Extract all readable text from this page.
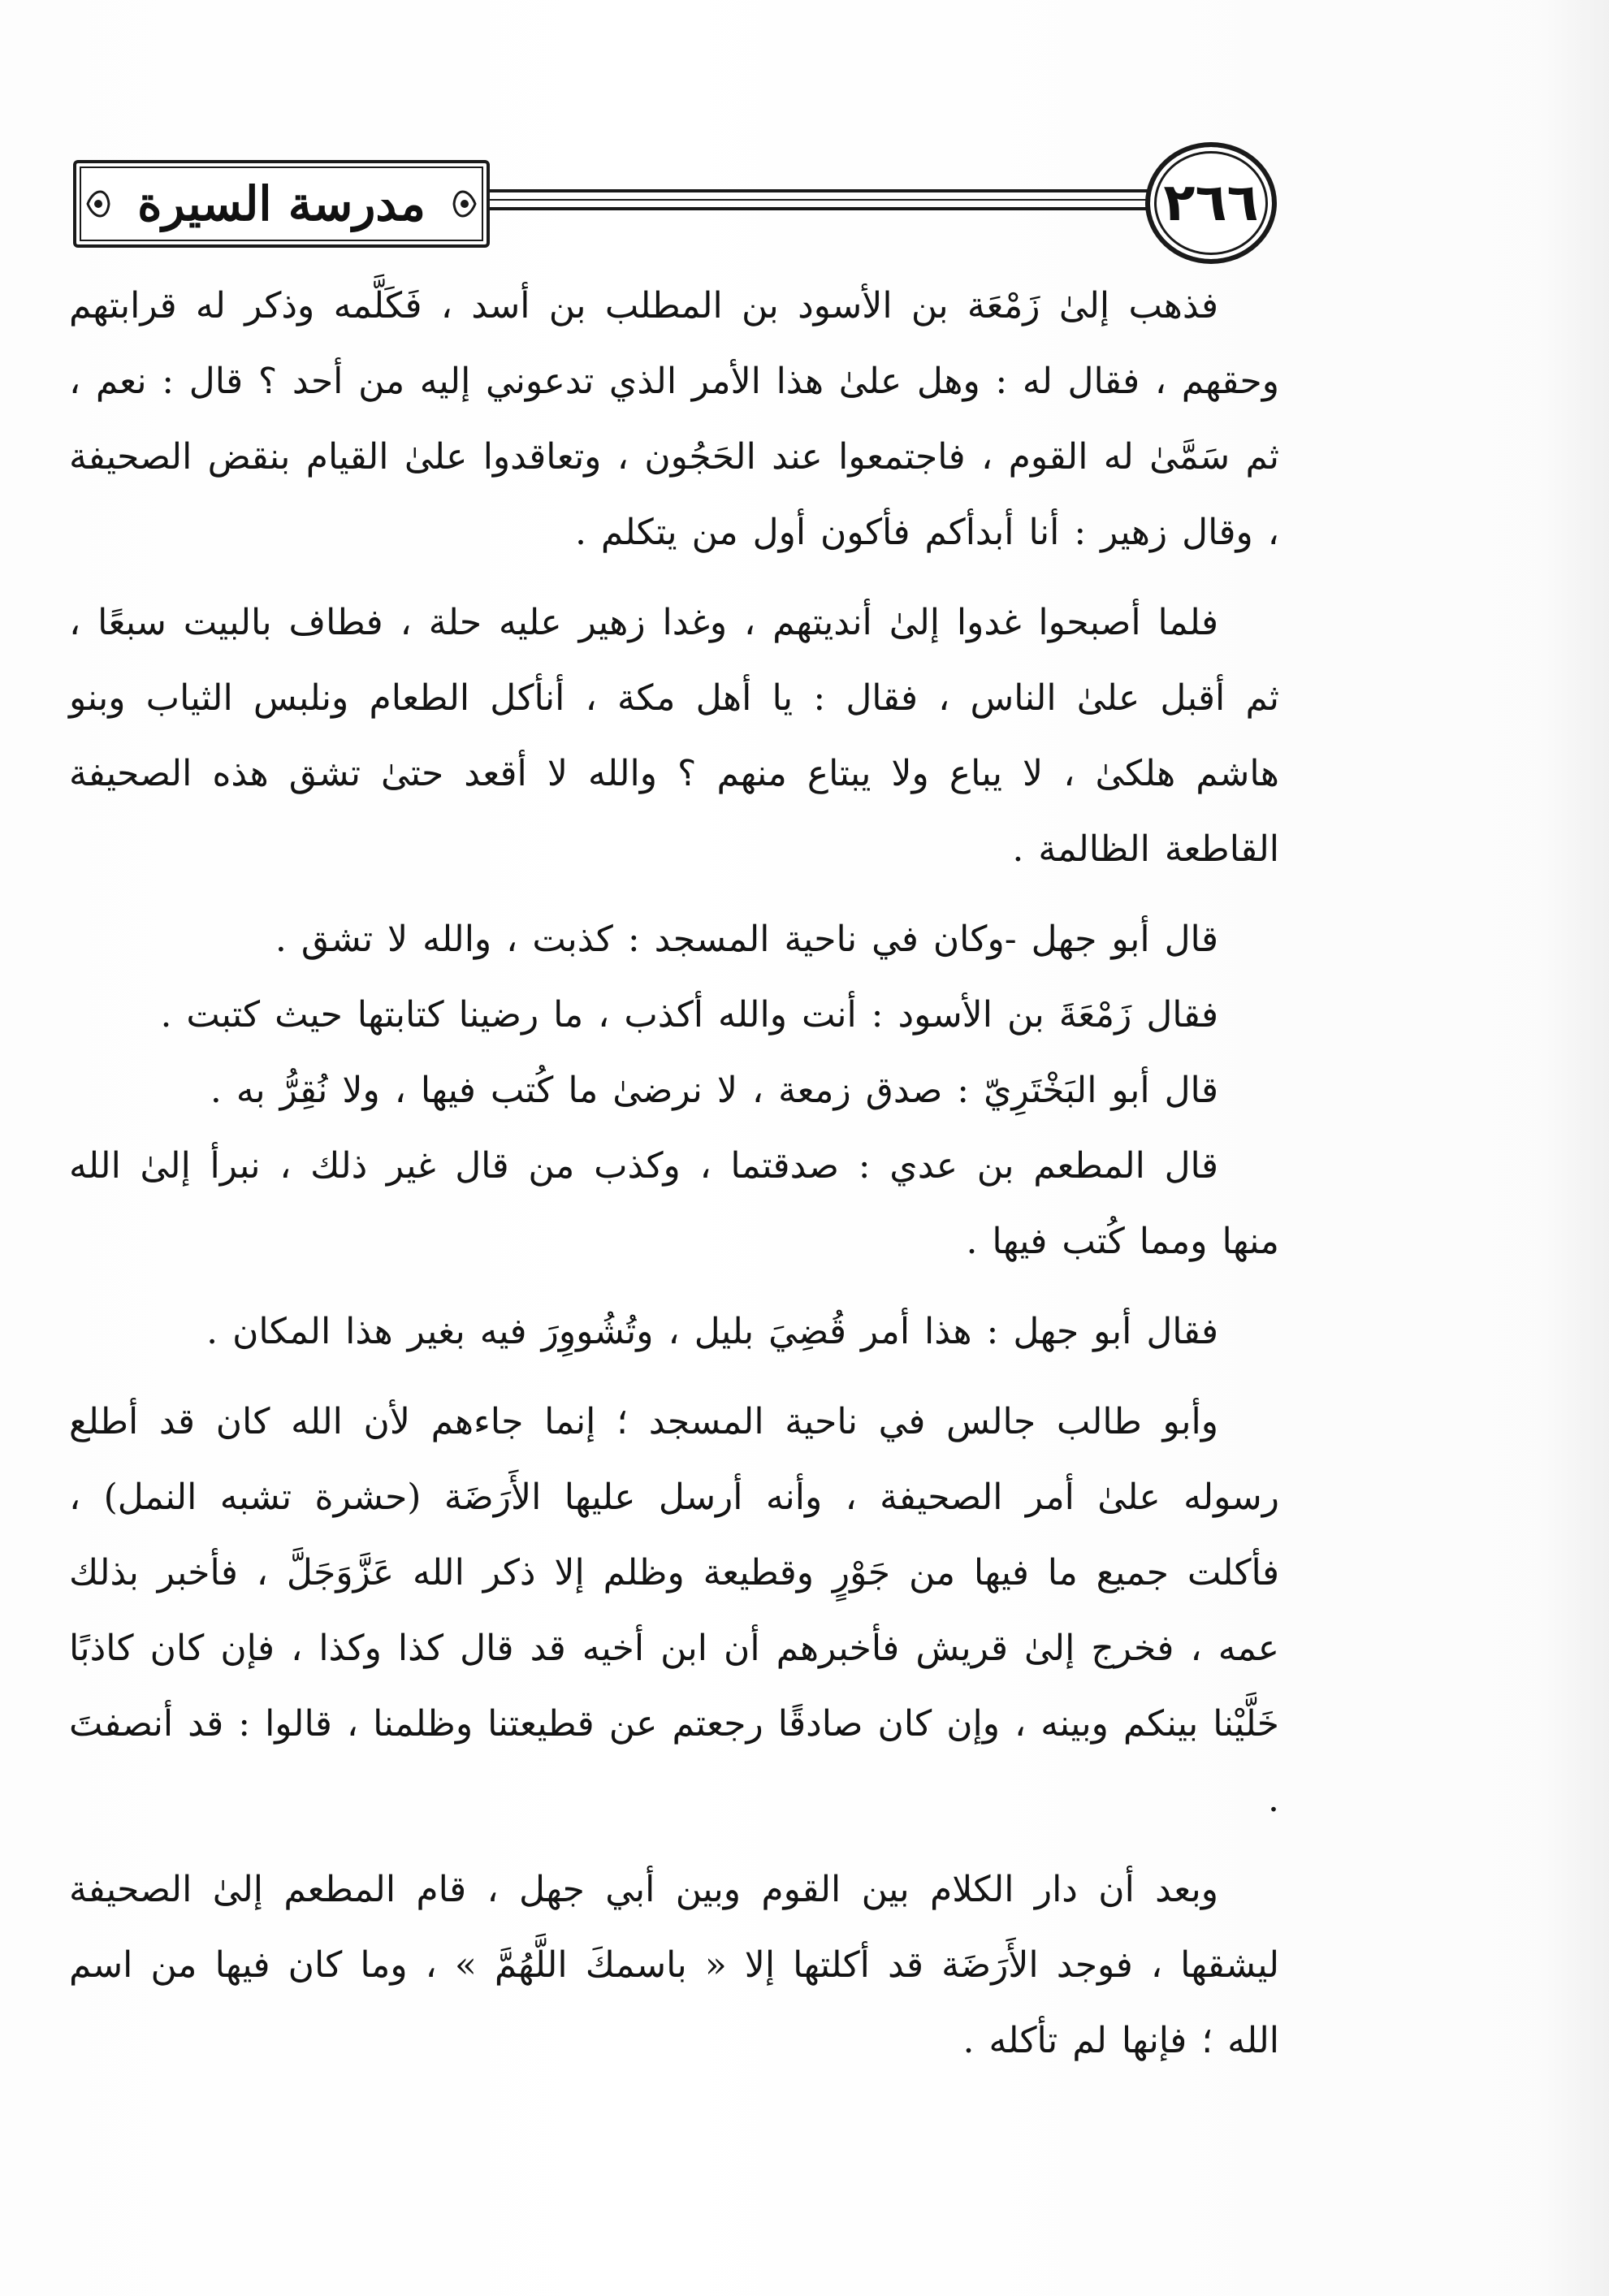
مدرسة السيرة	٢٦٦

فذهب إلىٰ زَمْعَة بن الأسود بن المطلب بن أسد ، فَكَلَّمه وذكر له قرابتهم وحقهم ، فقال له : وهل علىٰ هذا الأمر الذي تدعوني إليه من أحد ؟ قال : نعم ، ثم سَمَّىٰ له القوم ، فاجتمعوا عند الحَجُون ، وتعاقدوا علىٰ القيام بنقض الصحيفة ، وقال زهير : أنا أبدأكم فأكون أول من يتكلم .

فلما أصبحوا غدوا إلىٰ أنديتهم ، وغدا زهير عليه حلة ، فطاف بالبيت سبعًا ، ثم أقبل علىٰ الناس ، فقال : يا أهل مكة ، أنأكل الطعام ونلبس الثياب وبنو هاشم هلكىٰ ، لا يباع ولا يبتاع منهم ؟ والله لا أقعد حتىٰ تشق هذه الصحيفة القاطعة الظالمة .

قال أبو جهل -وكان في ناحية المسجد : كذبت ، والله لا تشق .

فقال زَمْعَةَ بن الأسود : أنت والله أكذب ، ما رضينا كتابتها حيث كتبت .

قال أبو البَخْتَرِيّ : صدق زمعة ، لا نرضىٰ ما كُتب فيها ، ولا نُقِرُّ به .

قال المطعم بن عدي : صدقتما ، وكذب من قال غير ذلك ، نبرأ إلىٰ الله منها ومما كُتب فيها .

فقال أبو جهل : هذا أمر قُضِيَ بليل ، وتُشُووِرَ فيه بغير هذا المكان .

وأبو طالب جالس في ناحية المسجد ؛ إنما جاءهم لأن الله كان قد أطلع رسوله علىٰ أمر الصحيفة ، وأنه أرسل عليها الأَرَضَة (حشرة تشبه النمل) ، فأكلت جميع ما فيها من جَوْرٍ وقطيعة وظلم إلا ذكر الله عَزَّوَجَلَّ ، فأخبر بذلك عمه ، فخرج إلىٰ قريش فأخبرهم أن ابن أخيه قد قال كذا وكذا ، فإن كان كاذبًا خَلَّيْنا بينكم وبينه ، وإن كان صادقًا رجعتم عن قطيعتنا وظلمنا ، قالوا : قد أنصفتَ .

وبعد أن دار الكلام بين القوم وبين أبي جهل ، قام المطعم إلىٰ الصحيفة ليشقها ، فوجد الأَرَضَة قد أكلتها إلا « باسمكَ اللَّهُمَّ » ، وما كان فيها من اسم الله ؛ فإنها لم تأكله .
